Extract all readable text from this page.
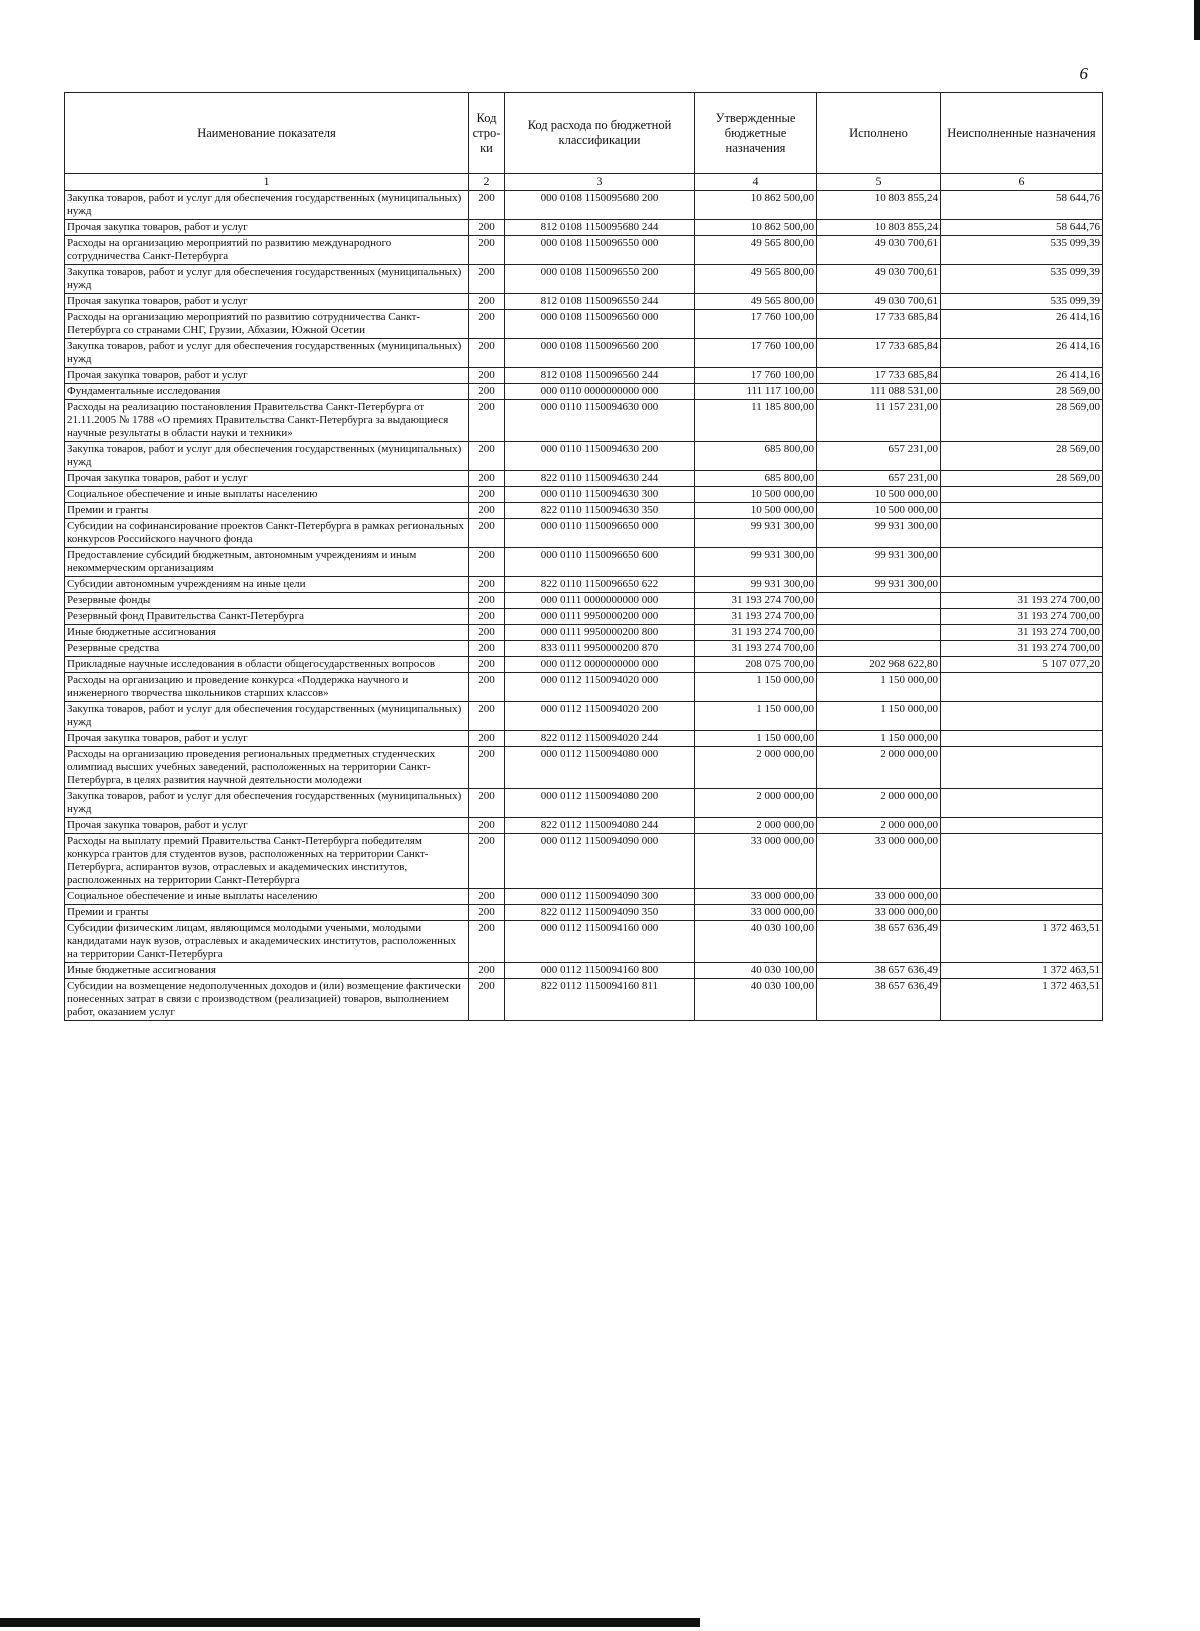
6
Наименование показателя	Код стро-ки	Код расхода по бюджетной классификации	Утвержденные бюджетные назначения	Исполнено	Неисполненные назначения
1	2	3	4	5	6
Закупка товаров, работ и услуг для обеспечения государственных (муниципальных) нужд	200	000 0108 1150095680 200	10 862 500,00	10 803 855,24	58 644,76
Прочая закупка товаров, работ и услуг	200	812 0108 1150095680 244	10 862 500,00	10 803 855,24	58 644,76
Расходы на организацию мероприятий по развитию международного сотрудничества Санкт-Петербурга	200	000 0108 1150096550 000	49 565 800,00	49 030 700,61	535 099,39
Закупка товаров, работ и услуг для обеспечения государственных (муниципальных) нужд	200	000 0108 1150096550 200	49 565 800,00	49 030 700,61	535 099,39
Прочая закупка товаров, работ и услуг	200	812 0108 1150096550 244	49 565 800,00	49 030 700,61	535 099,39
Расходы на организацию мероприятий по развитию сотрудничества Санкт-Петербурга со странами СНГ, Грузии, Абхазии, Южной Осетии	200	000 0108 1150096560 000	17 760 100,00	17 733 685,84	26 414,16
Закупка товаров, работ и услуг для обеспечения государственных (муниципальных) нужд	200	000 0108 1150096560 200	17 760 100,00	17 733 685,84	26 414,16
Прочая закупка товаров, работ и услуг	200	812 0108 1150096560 244	17 760 100,00	17 733 685,84	26 414,16
Фундаментальные исследования	200	000 0110 0000000000 000	111 117 100,00	111 088 531,00	28 569,00
Расходы на реализацию постановления Правительства Санкт-Петербурга от 21.11.2005 № 1788 «О премиях Правительства Санкт-Петербурга за выдающиеся научные результаты в области науки и техники»	200	000 0110 1150094630 000	11 185 800,00	11 157 231,00	28 569,00
Закупка товаров, работ и услуг для обеспечения государственных (муниципальных) нужд	200	000 0110 1150094630 200	685 800,00	657 231,00	28 569,00
Прочая закупка товаров, работ и услуг	200	822 0110 1150094630 244	685 800,00	657 231,00	28 569,00
Социальное обеспечение и иные выплаты населению	200	000 0110 1150094630 300	10 500 000,00	10 500 000,00	
Премии и гранты	200	822 0110 1150094630 350	10 500 000,00	10 500 000,00	
Субсидии на софинансирование проектов Санкт-Петербурга в рамках региональных конкурсов Российского научного фонда	200	000 0110 1150096650 000	99 931 300,00	99 931 300,00	
Предоставление субсидий бюджетным, автономным учреждениям и иным некоммерческим организациям	200	000 0110 1150096650 600	99 931 300,00	99 931 300,00	
Субсидии автономным учреждениям на иные цели	200	822 0110 1150096650 622	99 931 300,00	99 931 300,00	
Резервные фонды	200	000 0111 0000000000 000	31 193 274 700,00		31 193 274 700,00
Резервный фонд Правительства Санкт-Петербурга	200	000 0111 9950000200 000	31 193 274 700,00		31 193 274 700,00
Иные бюджетные ассигнования	200	000 0111 9950000200 800	31 193 274 700,00		31 193 274 700,00
Резервные средства	200	833 0111 9950000200 870	31 193 274 700,00		31 193 274 700,00
Прикладные научные исследования в области общегосударственных вопросов	200	000 0112 0000000000 000	208 075 700,00	202 968 622,80	5 107 077,20
Расходы на организацию и проведение конкурса «Поддержка научного и инженерного творчества школьников старших классов»	200	000 0112 1150094020 000	1 150 000,00	1 150 000,00	
Закупка товаров, работ и услуг для обеспечения государственных (муниципальных) нужд	200	000 0112 1150094020 200	1 150 000,00	1 150 000,00	
Прочая закупка товаров, работ и услуг	200	822 0112 1150094020 244	1 150 000,00	1 150 000,00	
Расходы на организацию проведения региональных предметных студенческих олимпиад высших учебных заведений, расположенных на территории Санкт-Петербурга, в целях развития научной деятельности молодежи	200	000 0112 1150094080 000	2 000 000,00	2 000 000,00	
Закупка товаров, работ и услуг для обеспечения государственных (муниципальных) нужд	200	000 0112 1150094080 200	2 000 000,00	2 000 000,00	
Прочая закупка товаров, работ и услуг	200	822 0112 1150094080 244	2 000 000,00	2 000 000,00	
Расходы на выплату премий Правительства Санкт-Петербурга победителям конкурса грантов для студентов вузов, расположенных на территории Санкт-Петербурга, аспирантов вузов, отраслевых и академических институтов, расположенных на территории Санкт-Петербурга	200	000 0112 1150094090 000	33 000 000,00	33 000 000,00	
Социальное обеспечение и иные выплаты населению	200	000 0112 1150094090 300	33 000 000,00	33 000 000,00	
Премии и гранты	200	822 0112 1150094090 350	33 000 000,00	33 000 000,00	
Субсидии физическим лицам, являющимся молодыми учеными, молодыми кандидатами наук вузов, отраслевых и академических институтов, расположенных на территории Санкт-Петербурга	200	000 0112 1150094160 000	40 030 100,00	38 657 636,49	1 372 463,51
Иные бюджетные ассигнования	200	000 0112 1150094160 800	40 030 100,00	38 657 636,49	1 372 463,51
Субсидии на возмещение недополученных доходов и (или) возмещение фактически понесенных затрат в связи с производством (реализацией) товаров, выполнением работ, оказанием услуг	200	822 0112 1150094160 811	40 030 100,00	38 657 636,49	1 372 463,51
